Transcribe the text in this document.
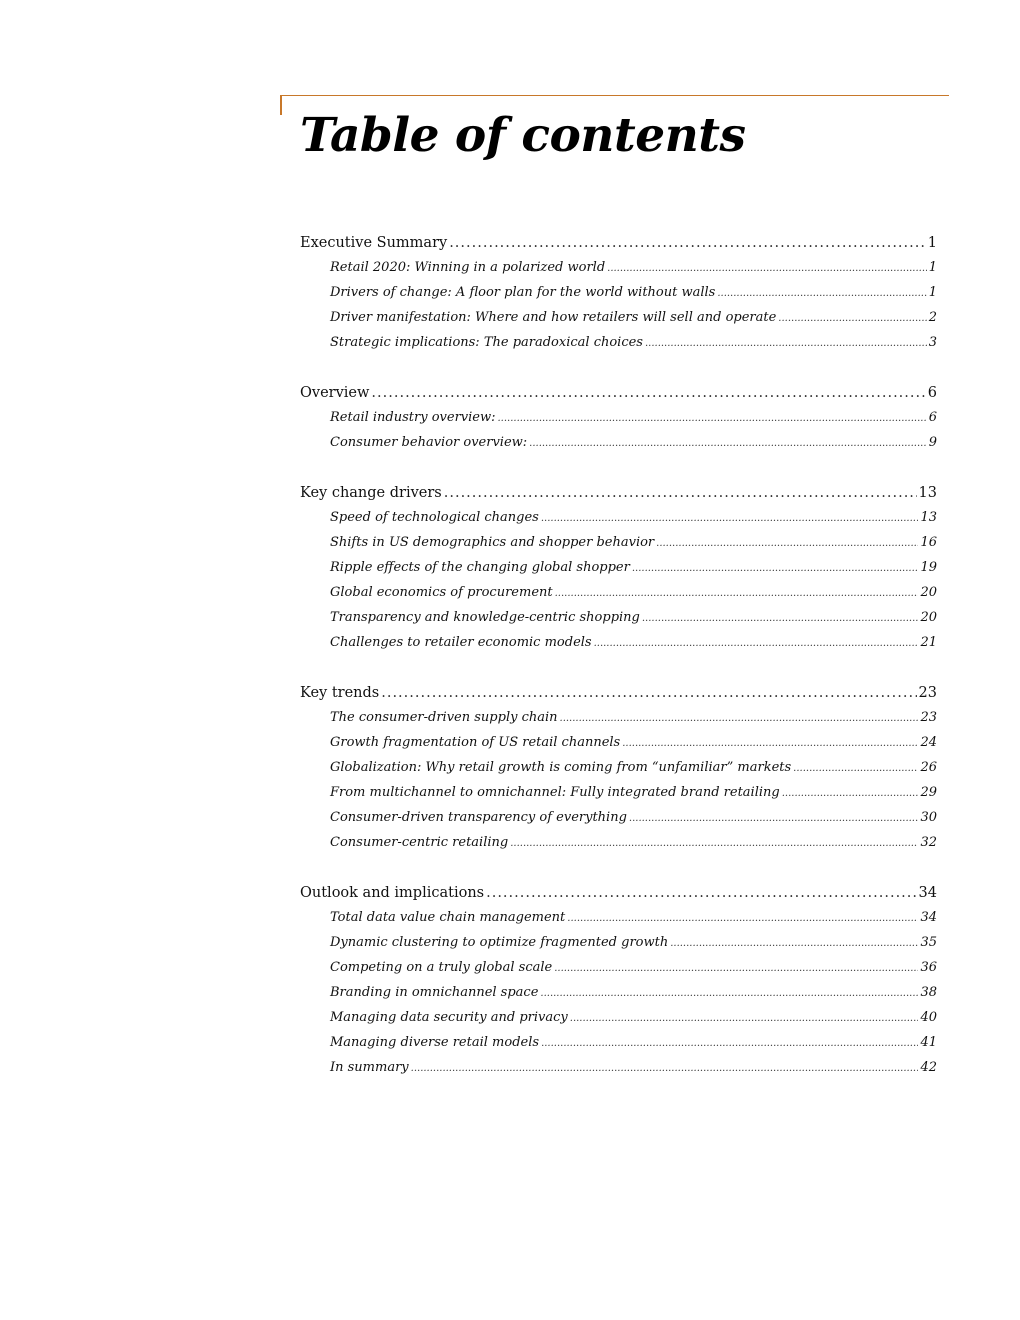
Table of contents
Executive Summary .....	1
Retail 2020: Winning in a polarized world .....	1
Drivers of change: A floor plan for the world without walls .....	1
Driver manifestation: Where and how retailers will sell and operate .....	2
Strategic implications: The paradoxical choices .....	3
Overview .....	6
Retail industry overview: .....	6
Consumer behavior overview: .....	9
Key change drivers .....	13
Speed of technological changes .....	13
Shifts in US demographics and shopper behavior .....	16
Ripple effects of the changing global shopper .....	19
Global economics of procurement .....	20
Transparency and knowledge-centric shopping .....	20
Challenges to retailer economic models .....	21
Key trends .....	23
The consumer-driven supply chain .....	23
Growth fragmentation of US retail channels .....	24
Globalization: Why retail growth is coming from “unfamiliar” markets .....	26
From multichannel to omnichannel: Fully integrated brand retailing .....	29
Consumer-driven transparency of everything .....	30
Consumer-centric retailing .....	32
Outlook and implications .....	34
Total data value chain management .....	34
Dynamic clustering to optimize fragmented growth .....	35
Competing on a truly global scale .....	36
Branding in omnichannel space .....	38
Managing data security and privacy .....	40
Managing diverse retail models .....	41
In summary .....	42
